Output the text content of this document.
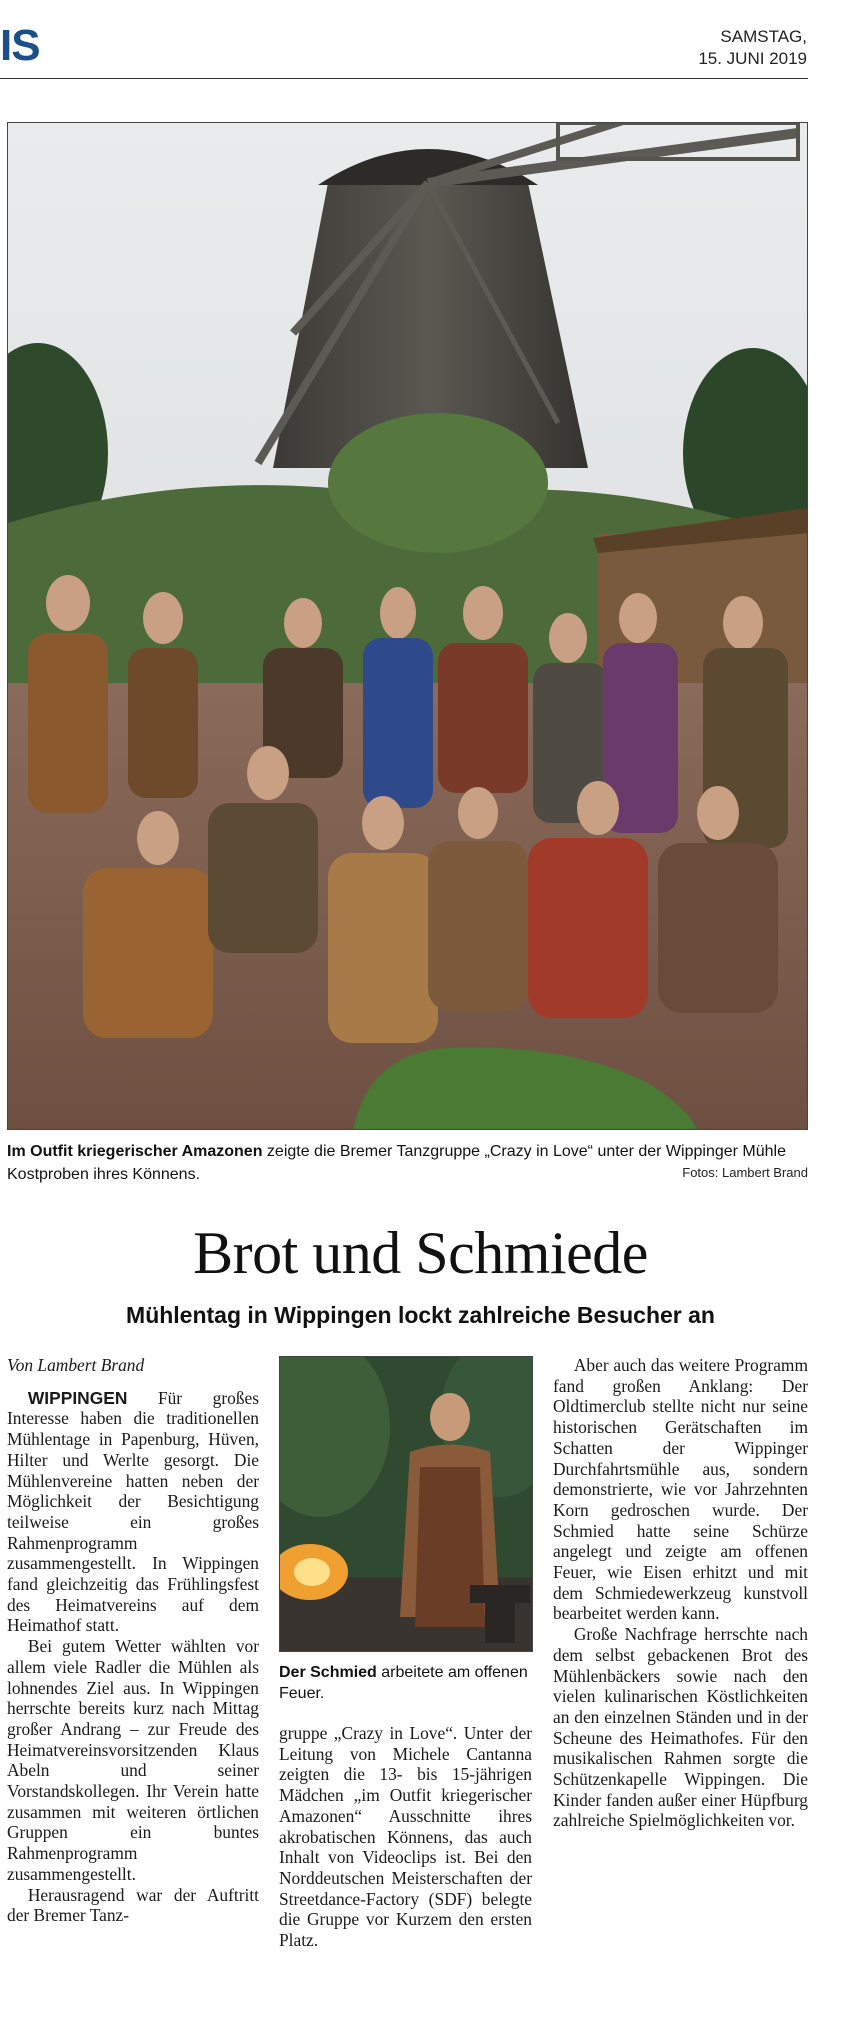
IS	SAMSTAG,
15. JUNI 2019
Im Outfit kriegerischer Amazonen zeigte die Bremer Tanzgruppe „Crazy in Love“ unter der Wippinger Mühle Kostproben ihres Könnens.	Fotos: Lambert Brand
Brot und Schmiede
Mühlentag in Wippingen lockt zahlreiche Besucher an

Von Lambert Brand

WIPPINGEN Für großes Interesse haben die traditionellen Mühlentage in Papenburg, Hüven, Hilter und Werlte gesorgt. Die Mühlenvereine hatten neben der Möglichkeit der Besichtigung teilweise ein großes Rahmenprogramm zusammengestellt. In Wippingen fand gleichzeitig das Frühlingsfest des Heimatvereins auf dem Heimathof statt.

Bei gutem Wetter wählten vor allem viele Radler die Mühlen als lohnendes Ziel aus. In Wippingen herrschte bereits kurz nach Mittag großer Andrang – zur Freude des Heimatvereinsvorsitzenden Klaus Abeln und seiner Vorstandskollegen. Ihr Verein hatte zusammen mit weiteren örtlichen Gruppen ein buntes Rahmenprogramm zusammengestellt.

Herausragend war der Auftritt der Bremer Tanz-

Der Schmied arbeitete am offenen Feuer.

gruppe „Crazy in Love“. Unter der Leitung von Michele Cantanna zeigten die 13- bis 15-jährigen Mädchen „im Outfit kriegerischer Amazonen“ Ausschnitte ihres akrobatischen Könnens, das auch Inhalt von Videoclips ist. Bei den Norddeutschen Meisterschaften der Streetdance-Factory (SDF) belegte die Gruppe vor Kurzem den ersten Platz.

Aber auch das weitere Programm fand großen Anklang: Der Oldtimerclub stellte nicht nur seine historischen Gerätschaften im Schatten der Wippinger Durchfahrtsmühle aus, sondern demonstrierte, wie vor Jahrzehnten Korn gedroschen wurde. Der Schmied hatte seine Schürze angelegt und zeigte am offenen Feuer, wie Eisen erhitzt und mit dem Schmiedewerkzeug kunstvoll bearbeitet werden kann.

Große Nachfrage herrschte nach dem selbst gebackenen Brot des Mühlenbäckers sowie nach den vielen kulinarischen Köstlichkeiten an den einzelnen Ständen und in der Scheune des Heimathofes. Für den musikalischen Rahmen sorgte die Schützenkapelle Wippingen. Die Kinder fanden außer einer Hüpfburg zahlreiche Spielmöglichkeiten vor.
